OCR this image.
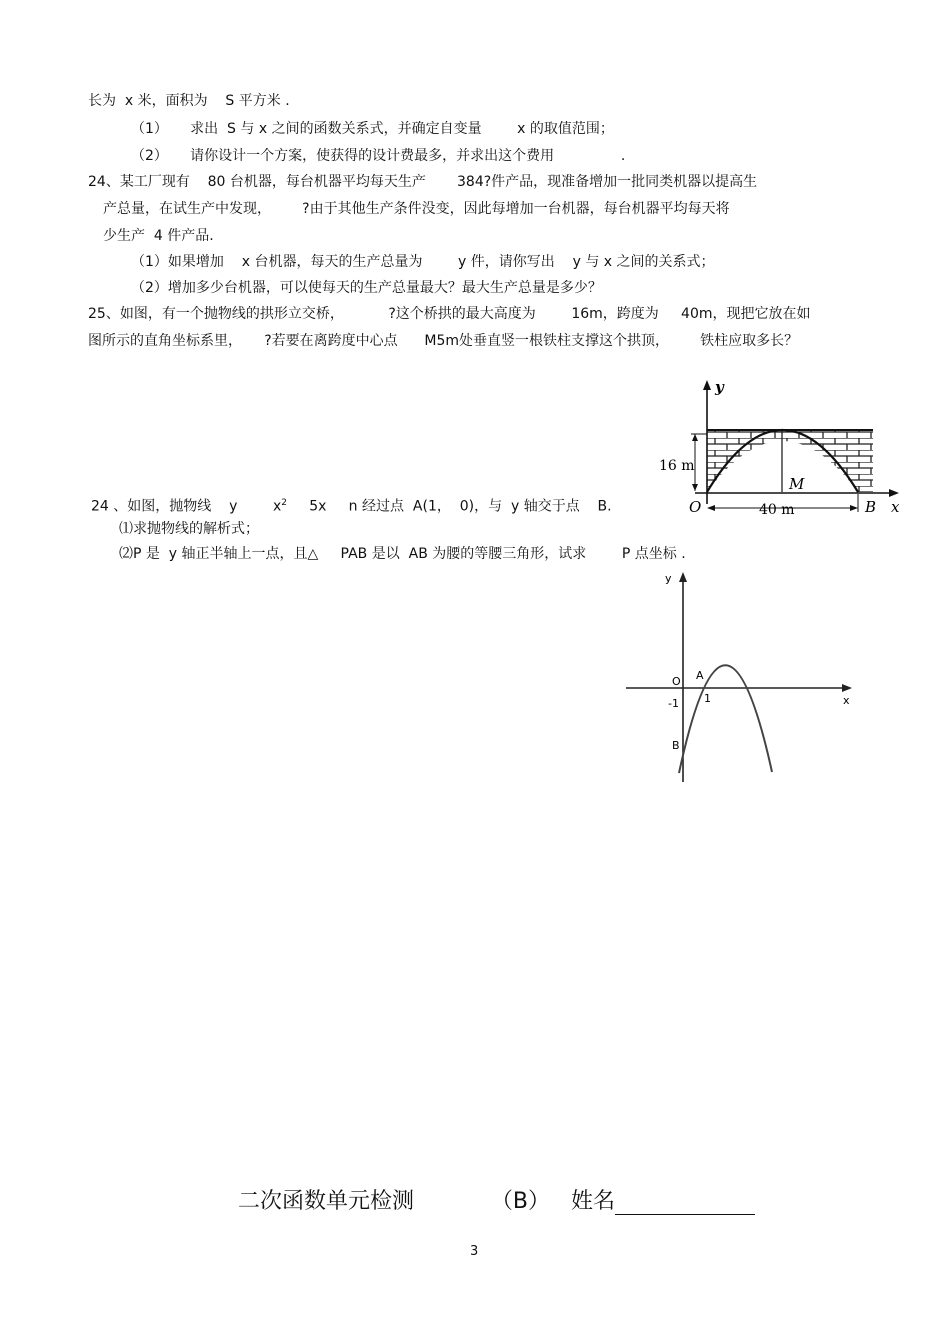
长为  x 米，面积为    S 平方米 .
（1）     求出  S 与 x 之间的函数关系式，并确定自变量        x 的取值范围；
（2）     请你设计一个方案，使获得的设计费最多，并求出这个费用               .
24、某工厂现有    80 台机器，每台机器平均每天生产       384?件产品，现准备增加一批同类机器以提高生
产总量，在试生产中发现，       ?由于其他生产条件没变，因此每增加一台机器，每台机器平均每天将
少生产  4 件产品.
（1）如果增加    x 台机器，每天的生产总量为        y 件，请你写出    y 与 x 之间的关系式；
（2）增加多少台机器，可以使每天的生产总量最大？最大生产总量是多少？
25、如图，有一个抛物线的拱形立交桥，          ?这个桥拱的最大高度为        16m，跨度为     40m，现把它放在如
图所示的直角坐标系里，     ?若要在离跨度中心点      M5m处垂直竖一根铁柱支撑这个拱顶，       铁柱应取多长？
24 、如图，抛物线    y        $x^2$     5x     n 经过点  A(1，  0)，与  y 轴交于点    B.
⑴求抛物线的解析式；
⑵P 是  y 轴正半轴上一点，且△     PAB 是以  AB 为腰的等腰三角形，试求        P 点坐标 .
y
x
16 m
40 m
M
O	B
y
x
O A
B
-1 1
二次函数单元检测           （B）   姓名
3
